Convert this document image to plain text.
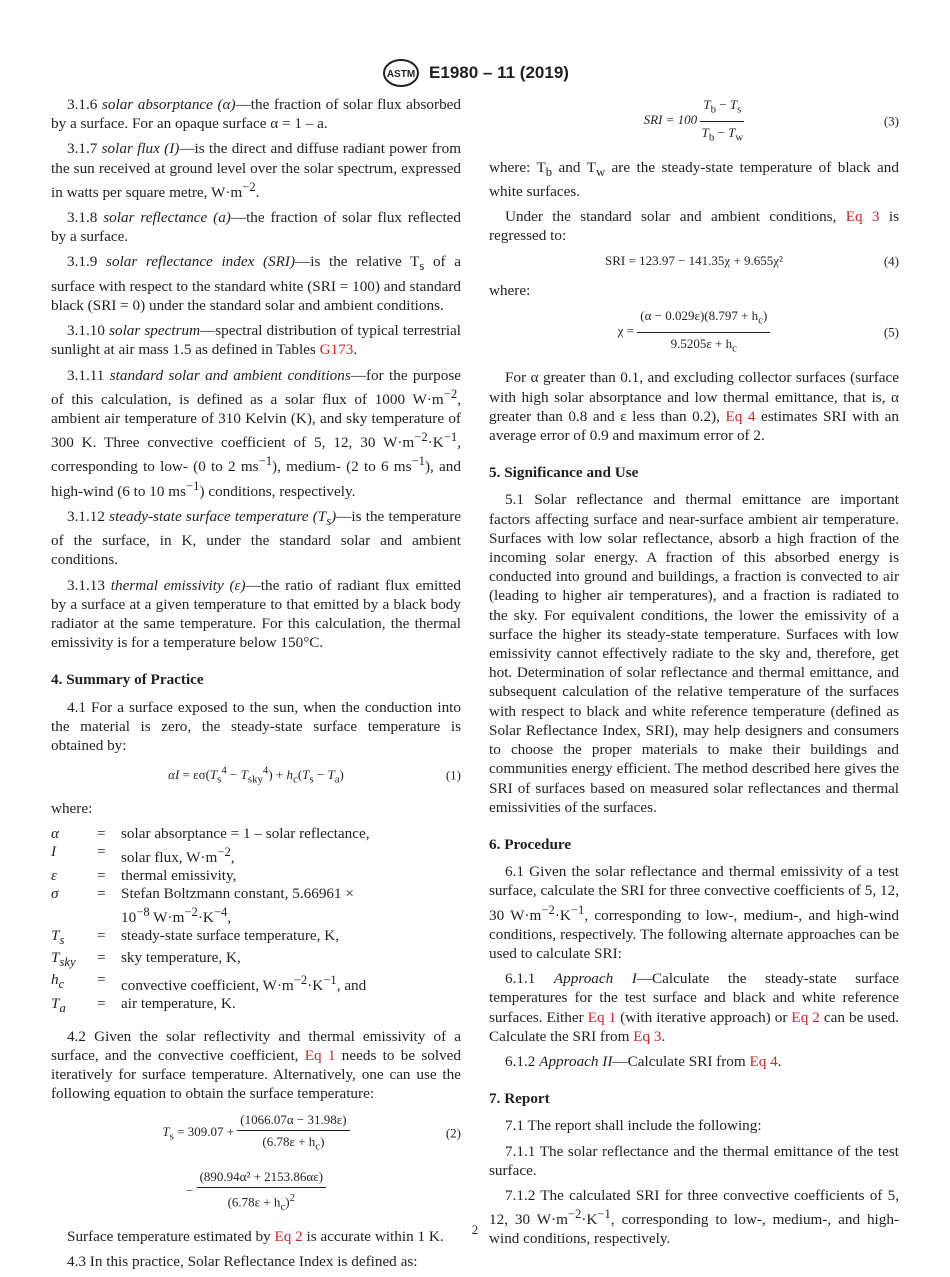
ASTM E1980 – 11 (2019)

3.1.6 solar absorptance (α)—the fraction of solar flux absorbed by a surface. For an opaque surface α = 1 – a.

3.1.7 solar flux (I)—is the direct and diffuse radiant power from the sun received at ground level over the solar spectrum, expressed in watts per square metre, $W\cdot m^{-2}$.

3.1.8 solar reflectance (a)—the fraction of solar flux reflected by a surface.

3.1.9 solar reflectance index (SRI)—is the relative $T_s$ of a surface with respect to the standard white (SRI = 100) and standard black (SRI = 0) under the standard solar and ambient conditions.

3.1.10 solar spectrum—spectral distribution of typical terrestrial sunlight at air mass 1.5 as defined in Tables G173.

3.1.11 standard solar and ambient conditions—for the purpose of this calculation, is defined as a solar flux of 1000 $W\cdot m^{-2}$, ambient air temperature of 310 Kelvin (K), and sky temperature of 300 K. Three convective coefficient of 5, 12, 30 $W\cdot m^{-2}\cdot K^{-1}$, corresponding to low- (0 to 2 $ms^{-1}$), medium- (2 to 6 $ms^{-1}$), and high-wind (6 to 10 $ms^{-1}$) conditions, respectively.

3.1.12 steady-state surface temperature $(T_s)—is$ the temperature of the surface, in K, under the standard solar and ambient conditions.

3.1.13 thermal emissivity (ε)—the ratio of radiant flux emitted by a surface at a given temperature to that emitted by a black body radiator at the same temperature. For this calculation, the thermal emissivity is for a temperature below 150°C.

4. Summary of Practice

4.1 For a surface exposed to the sun, when the conduction into the material is zero, the steady-state surface temperature is obtained by:

$\alpha I = \varepsilon\sigma(T_s^4 - T_{sky}^4) + h_c(T_s - T_a)$	(1)

where:

α	=	solar absorptance = 1 – solar reflectance,
I	=	solar flux, $W\cdot m^{-2}$,
ε	=	thermal emissivity,
σ	=	Stefan Boltzmann constant, 5.66961 ×
$10^{-8}$ $W\cdot m^{-2}\cdot K^{-4}$,
$T_s$	=	steady-state surface temperature, K,
$T_{sky}$	=	sky temperature, K,
$h_c$	=	convective coefficient, $W\cdot m^{-2}\cdot K^{-1}$, and
$T_a$	=	air temperature, K.

4.2 Given the solar reflectivity and thermal emissivity of a surface, and the convective coefficient, Eq 1 needs to be solved iteratively for surface temperature. Alternatively, one can use the following equation to obtain the surface temperature:

$T_s = 309.07 + \frac{(1066.07\alpha - 31.98\varepsilon)}{(6.78\varepsilon + h_c)}$	(2)
− $\frac{\text{(890.94α² + 2153.86αε)}}{(6.78\varepsilon + h_c)^2}$

Surface temperature estimated by Eq 2 is accurate within 1 K.

4.3 In this practice, Solar Reflectance Index is defined as:

SRI = $100 \frac{T_b - T_s}{T_b - T_w}$	(3)

where: $T_b$ and $T_w$ are the steady-state temperature of black and white surfaces.

Under the standard solar and ambient conditions, Eq 3 is regressed to:

SRI = 123.97 − 141.35χ + 9.655χ²	(4)

where:

$\chi = \frac{(\alpha - 0.029\varepsilon)(8.797 + h_c)}{9.5205\varepsilon + h_c}$	(5)

For α greater than 0.1, and excluding collector surfaces (surface with high solar absorptance and low thermal emittance, that is, α greater than 0.8 and ε less than 0.2), Eq 4 estimates SRI with an average error of 0.9 and maximum error of 2.

5. Significance and Use

5.1 Solar reflectance and thermal emittance are important factors affecting surface and near-surface ambient air temperature. Surfaces with low solar reflectance, absorb a high fraction of the incoming solar energy. A fraction of this absorbed energy is conducted into ground and buildings, a fraction is convected to air (leading to higher air temperatures), and a fraction is radiated to the sky. For equivalent conditions, the lower the emissivity of a surface the higher its steady-state temperature. Surfaces with low emissivity cannot effectively radiate to the sky and, therefore, get hot. Determination of solar reflectance and thermal emittance, and subsequent calculation of the relative temperature of the surfaces with respect to black and white reference temperature (defined as Solar Reflectance Index, SRI), may help designers and consumers to choose the proper materials to make their buildings and communities energy efficient. The method described here gives the SRI of surfaces based on measured solar reflectances and thermal emissivities of the surfaces.

6. Procedure

6.1 Given the solar reflectance and thermal emissivity of a test surface, calculate the SRI for three convective coefficients of 5, 12, 30 $W\cdot m^{-2}\cdot K^{-1}$, corresponding to low-, medium-, and high-wind conditions, respectively. The following alternate approaches can be used to calculate SRI:

6.1.1 Approach I—Calculate the steady-state surface temperatures for the test surface and black and white reference surfaces. Either Eq 1 (with iterative approach) or Eq 2 can be used. Calculate the SRI from Eq 3.

6.1.2 Approach II—Calculate SRI from Eq 4.

7. Report

7.1 The report shall include the following:

7.1.1 The solar reflectance and the thermal emittance of the test surface.

7.1.2 The calculated SRI for three convective coefficients of 5, 12, 30 $W\cdot m^{-2}\cdot K^{-1}$, corresponding to low-, medium-, and high-wind conditions, respectively.

2
